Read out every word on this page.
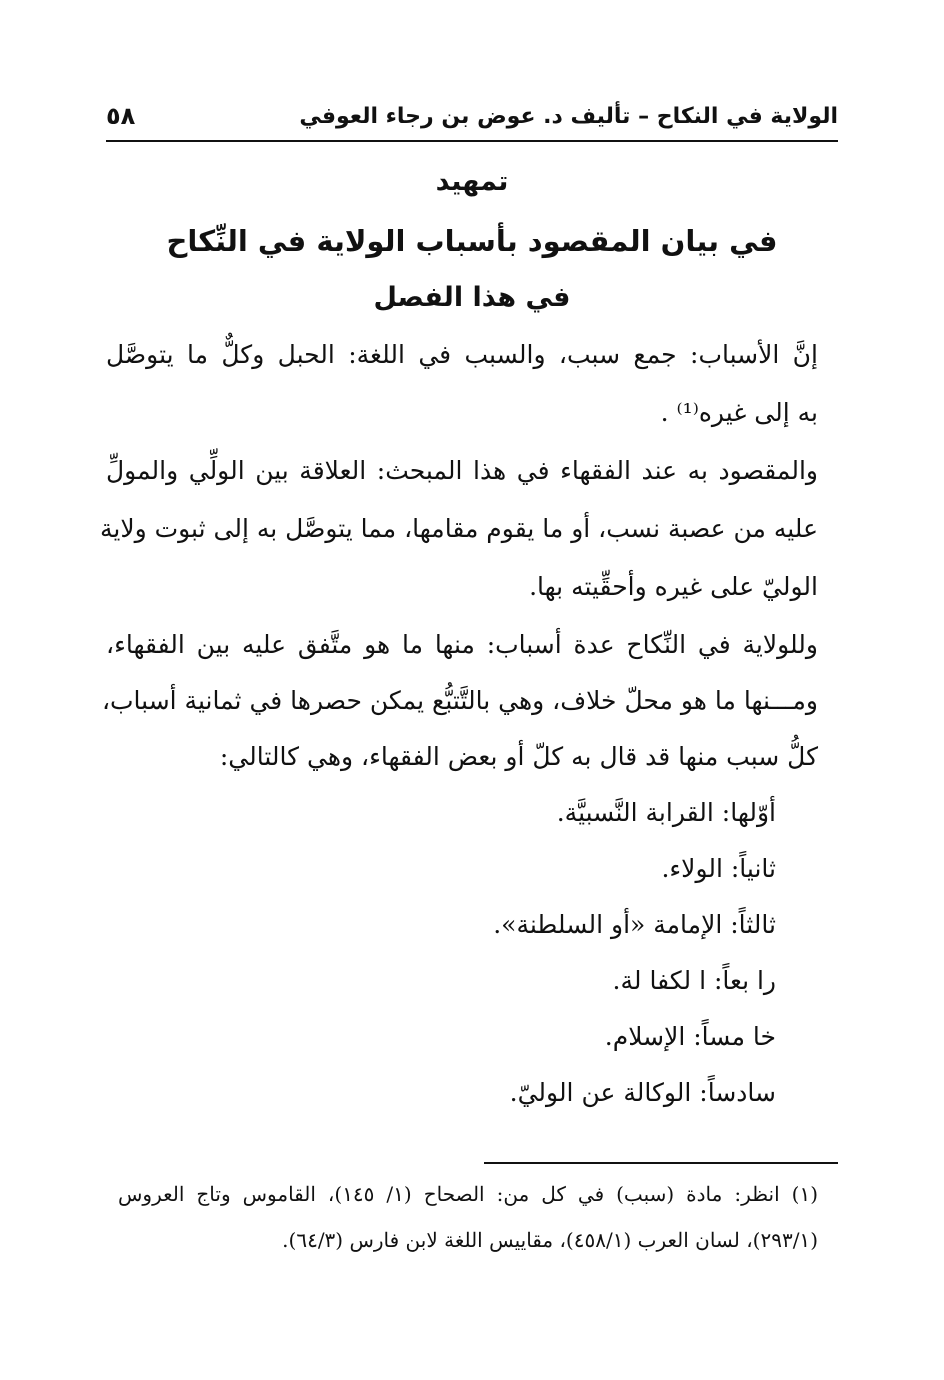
الولاية في النكاح – تأليف د. عوض بن رجاء العوفي
٥٨
تمهيد
في بيان المقصود بأسباب الولاية في النِّكاح
في هذا الفصل
إنَّ الأسباب: جمع سبب، والسبب في اللغة: الحبل وكلٌّ ما يتوصَّل
به إلى غيره⁽¹⁾ .
والمقصود به عند الفقهاء في هذا المبحث: العلاقة بين الولِّي والمولِّ
عليه من عصبة نسب، أو ما يقوم مقامها، مما يتوصَّل به إلى ثبوت ولاية
الوليّ على غيره وأحقِّيته بها.
وللولاية في النِّكاح عدة أسباب: منها ما هو متَّفق عليه بين الفقهاء،
ومـــنها ما هو محلّ خلاف، وهي بالتَّتبُّع يمكن حصرها في ثمانية أسباب،
كلُّ سبب منها قد قال به كلّ أو بعض الفقهاء، وهي كالتالي:
أوّلها: القرابة النَّسبيَّة.
ثانياً: الولاء.
ثالثاً: الإمامة «أو السلطنة».
را بعاً: ا لكفا لة.
خا مساً: الإسلام.
سادساً: الوكالة عن الوليّ.
(١) انظر: مادة (سبب) في كل من: الصحاح (١/ ١٤٥)، القاموس وتاج العروس
(٢٩٣/١)، لسان العرب (٤٥٨/١)، مقاييس اللغة لابن فارس (٦٤/٣).
